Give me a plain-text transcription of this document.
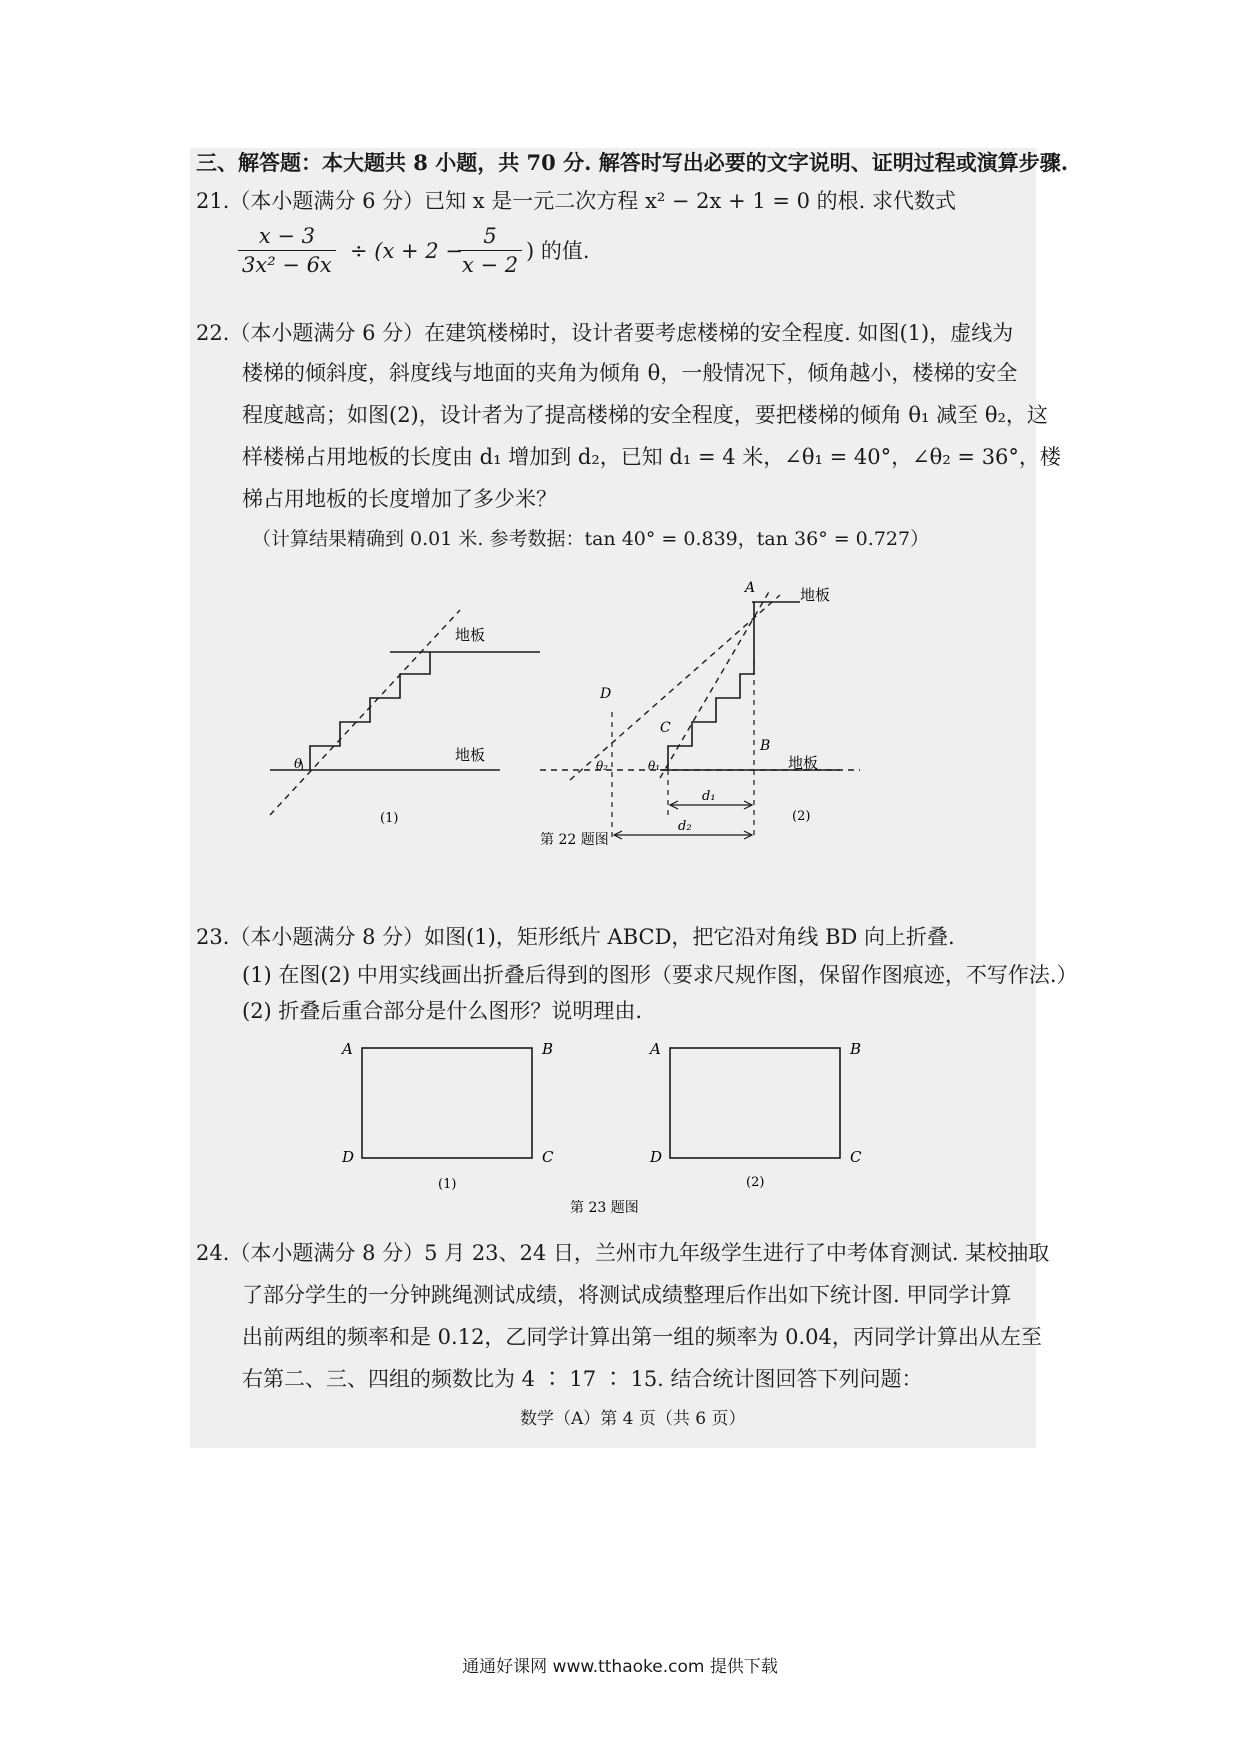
三、解答题：本大题共 8 小题，共 70 分. 解答时写出必要的文字说明、证明过程或演算步骤.
21.（本小题满分 6 分）已知 x 是一元二次方程 x² − 2x + 1 = 0 的根. 求代数式
$\frac{x - 3}{\text{3x² − 6x}} \div (x + 2$ −
$\frac{5}{x - 2}$ ) 的值.
22.（本小题满分 6 分）在建筑楼梯时，设计者要考虑楼梯的安全程度. 如图(1)，虚线为
楼梯的倾斜度，斜度线与地面的夹角为倾角 θ，一般情况下，倾角越小，楼梯的安全
程度越高；如图(2)，设计者为了提高楼梯的安全程度，要把楼梯的倾角 θ₁ 减至 θ₂，这
样楼梯占用地板的长度由 d₁ 增加到 d₂，已知 d₁ = 4 米，∠θ₁ = 40°，∠θ₂ = 36°，楼
梯占用地板的长度增加了多少米？
（计算结果精确到 0.01 米. 参考数据：tan 40° = 0.839，tan 36° = 0.727）
地板
地板
θ
(1)
地板
地板
A
B
C
D
θ₂	θ₁
d₁
d₂
(2)
第 22 题图
23.（本小题满分 8 分）如图(1)，矩形纸片 ABCD，把它沿对角线 BD 向上折叠.
(1) 在图(2) 中用实线画出折叠后得到的图形（要求尺规作图，保留作图痕迹，不写作法.）
(2) 折叠后重合部分是什么图形？说明理由.
A	B
C
D
A	B
C
D
(1)	(2)
第 23 题图
24.（本小题满分 8 分）5 月 23、24 日，兰州市九年级学生进行了中考体育测试. 某校抽取
了部分学生的一分钟跳绳测试成绩，将测试成绩整理后作出如下统计图. 甲同学计算
出前两组的频率和是 0.12，乙同学计算出第一组的频率为 0.04，丙同学计算出从左至
右第二、三、四组的频数比为 4 ∶ 17 ∶ 15. 结合统计图回答下列问题：
数学（A）第 4 页（共 6 页）
通通好课网 www.tthaoke.com 提供下载
